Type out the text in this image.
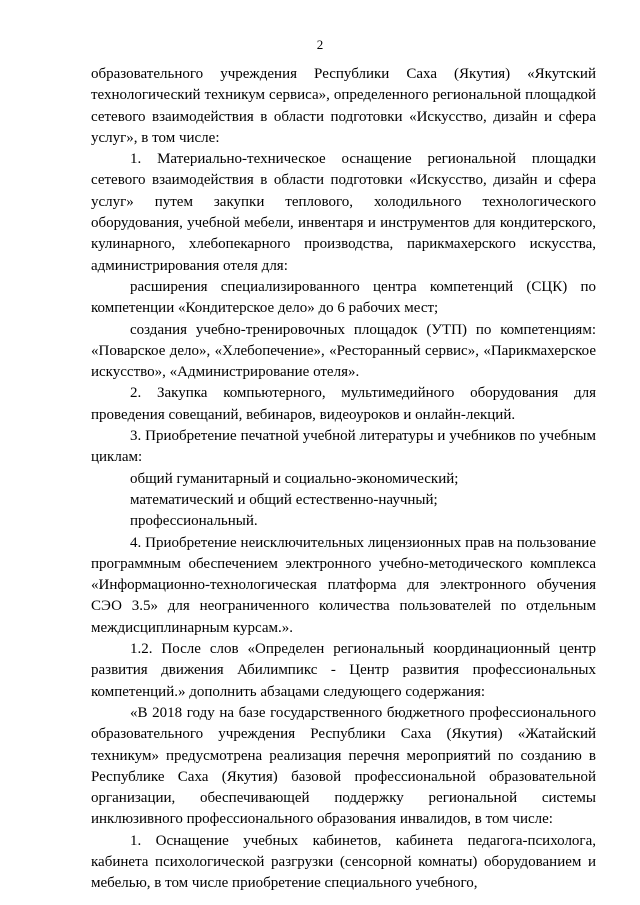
2

образовательного учреждения Республики Саха (Якутия) «Якутский технологический техникум сервиса», определенного региональной площадкой сетевого взаимодействия в области подготовки «Искусство, дизайн и сфера услуг», в том числе:

1. Материально-техническое оснащение региональной площадки сетевого взаимодействия в области подготовки «Искусство, дизайн и сфера услуг» путем закупки теплового, холодильного технологического оборудования, учебной мебели, инвентаря и инструментов для кондитерского, кулинарного, хлебопекарного производства, парикмахерского искусства, администрирования отеля для:

расширения специализированного центра компетенций (СЦК) по компетенции «Кондитерское дело» до 6 рабочих мест;

создания учебно-тренировочных площадок (УТП) по компетенциям: «Поварское дело», «Хлебопечение», «Ресторанный сервис», «Парикмахерское искусство», «Администрирование отеля».

2. Закупка компьютерного, мультимедийного оборудования для проведения совещаний, вебинаров, видеоуроков и онлайн-лекций.

3. Приобретение печатной учебной литературы и учебников по учебным циклам:

общий гуманитарный и социально-экономический;

математический и общий естественно-научный;

профессиональный.

4. Приобретение неисключительных лицензионных прав на пользование программным обеспечением электронного учебно-методического комплекса «Информационно-технологическая платформа для электронного обучения СЭО 3.5» для неограниченного количества пользователей по отдельным междисциплинарным курсам.».

1.2. После слов «Определен региональный координационный центр развития движения Абилимпикс - Центр развития профессиональных компетенций.» дополнить абзацами следующего содержания:

«В 2018 году на базе государственного бюджетного профессионального образовательного учреждения Республики Саха (Якутия) «Жатайский техникум» предусмотрена реализация перечня мероприятий по созданию в Республике Саха (Якутия) базовой профессиональной образовательной организации, обеспечивающей поддержку региональной системы инклюзивного профессионального образования инвалидов, в том числе:

1. Оснащение учебных кабинетов, кабинета педагога-психолога, кабинета психологической разгрузки (сенсорной комнаты) оборудованием и мебелью, в том числе приобретение специального учебного,
